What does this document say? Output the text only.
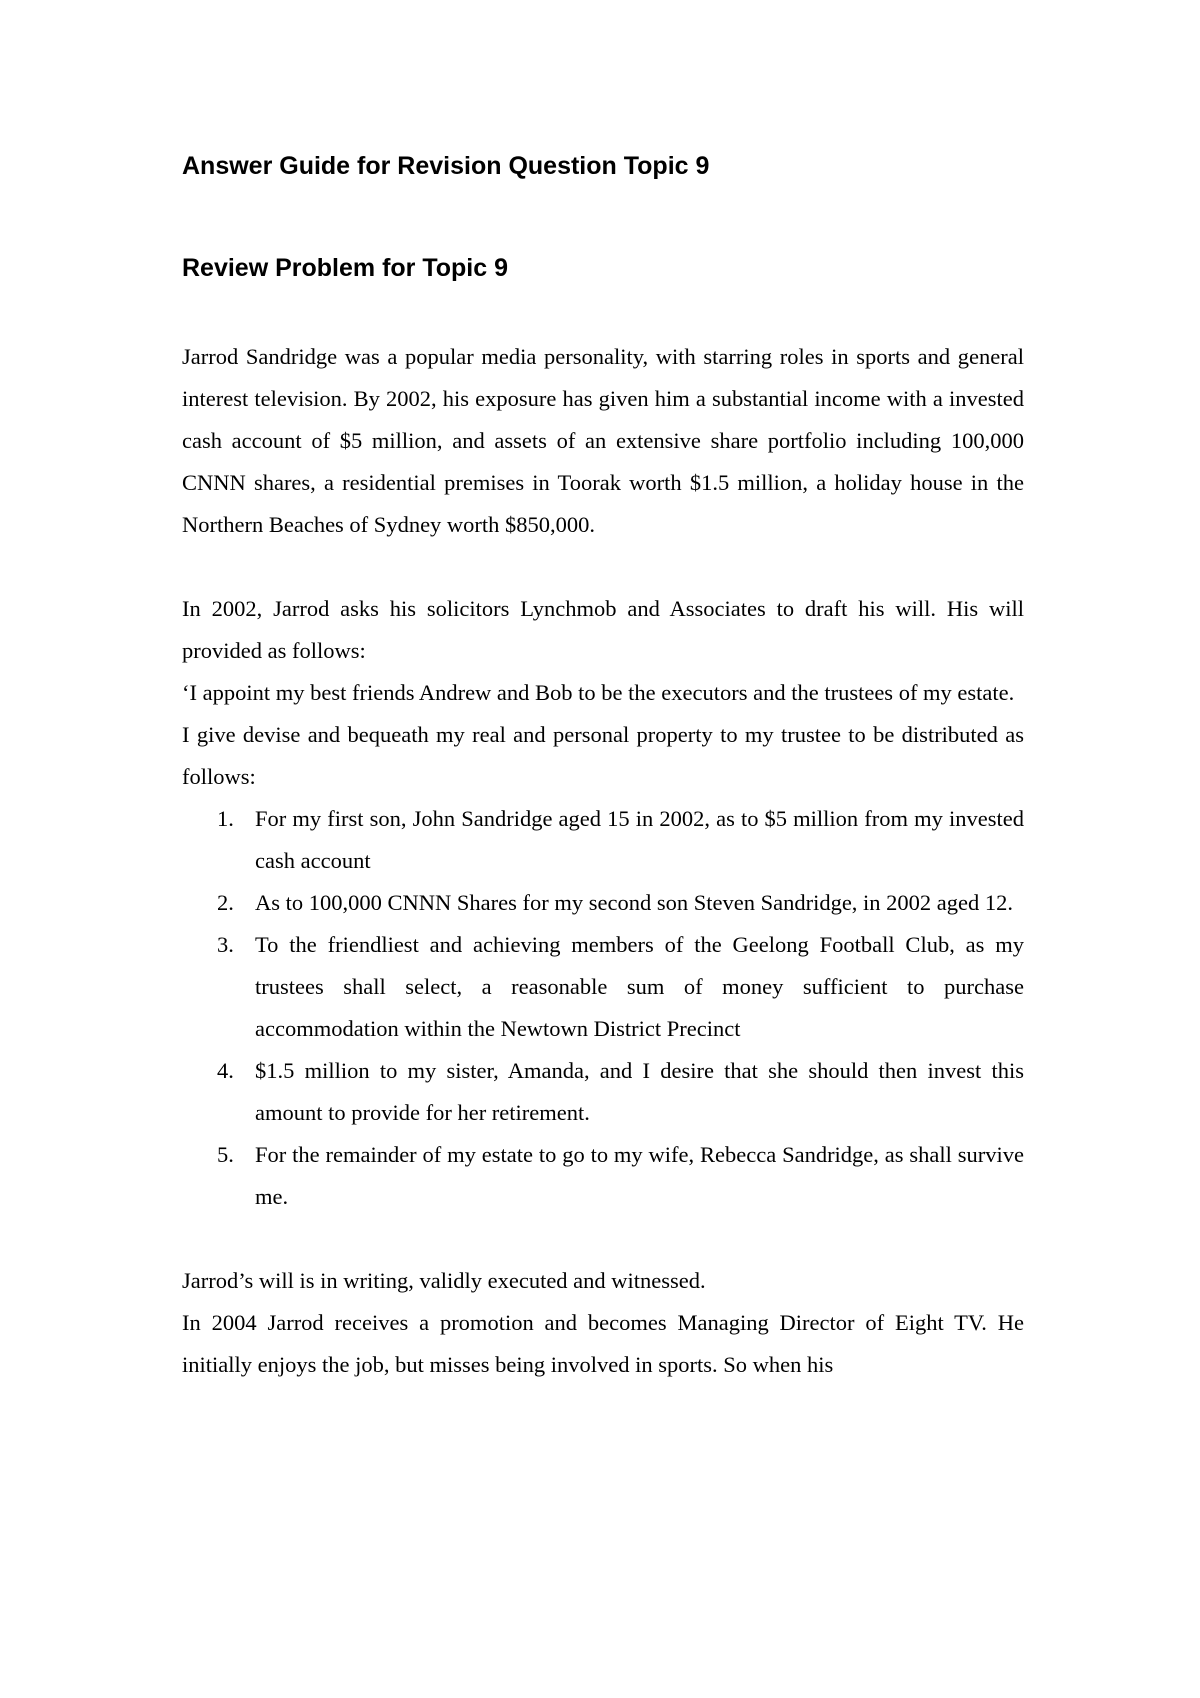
Answer Guide for Revision Question Topic 9
Review Problem for Topic 9

Jarrod Sandridge was a popular media personality, with starring roles in sports and general interest television. By 2002, his exposure has given him a substantial income with a invested cash account of $5 million, and assets of an extensive share portfolio including 100,000 CNNN shares, a residential premises in Toorak worth $1.5 million, a holiday house in the Northern Beaches of Sydney worth $850,000.

In 2002, Jarrod asks his solicitors Lynchmob and Associates to draft his will. His will provided as follows:

‘I appoint my best friends Andrew and Bob to be the executors and the trustees of my estate.

I give devise and bequeath my real and personal property to my trustee to be distributed as follows:

1. For my first son, John Sandridge aged 15 in 2002, as to $5 million from my invested cash account
2. As to 100,000 CNNN Shares for my second son Steven Sandridge, in 2002 aged 12.
3. To the friendliest and achieving members of the Geelong Football Club, as my trustees shall select, a reasonable sum of money sufficient to purchase accommodation within the Newtown District Precinct
4. $1.5 million to my sister, Amanda, and I desire that she should then invest this amount to provide for her retirement.
5. For the remainder of my estate to go to my wife, Rebecca Sandridge, as shall survive me.

Jarrod’s will is in writing, validly executed and witnessed.

In 2004 Jarrod receives a promotion and becomes Managing Director of Eight TV. He initially enjoys the job, but misses being involved in sports. So when his
